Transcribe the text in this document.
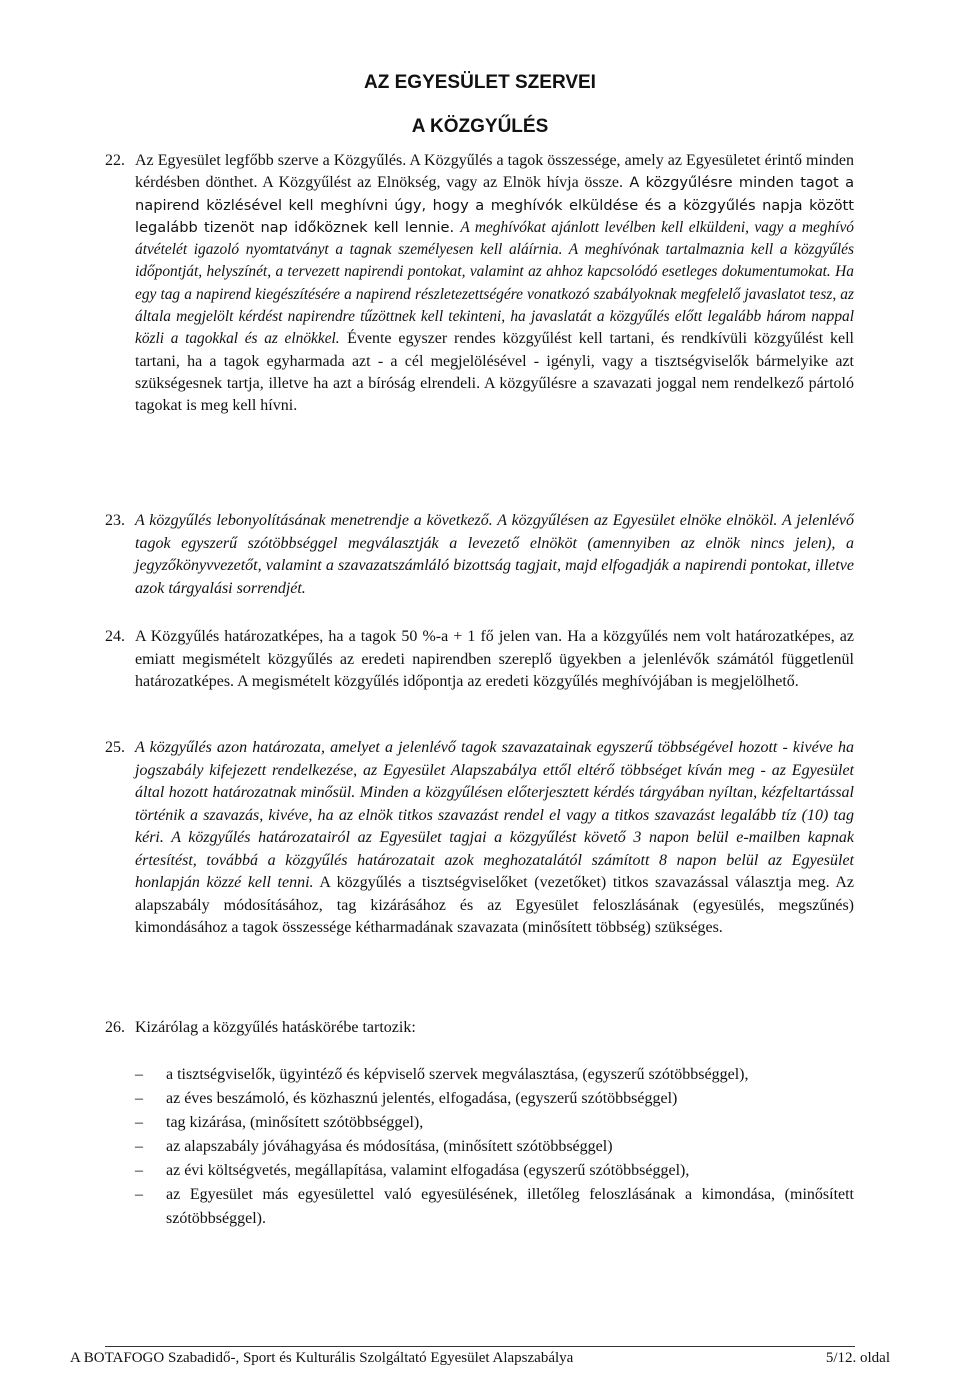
AZ EGYESÜLET SZERVEI
A KÖZGYŰLÉS
22. Az Egyesület legfőbb szerve a Közgyűlés. A Közgyűlés a tagok összessége, amely az Egyesületet érintő minden kérdésben dönthet. A Közgyűlést az Elnökség, vagy az Elnök hívja össze. A közgyűlésre minden tagot a napirend közlésével kell meghívni úgy, hogy a meghívók elküldése és a közgyűlés napja között legalább tizenöt nap időköznek kell lennie. A meghívókat ajánlott levélben kell elküldeni, vagy a meghívó átvételét igazoló nyomtatványt a tagnak személyesen kell aláírnia. A meghívónak tartalmaznia kell a közgyűlés időpontját, helyszínét, a tervezett napirendi pontokat, valamint az ahhoz kapcsolódó esetleges dokumentumokat. Ha egy tag a napirend kiegészítésére a napirend részletezettségére vonatkozó szabályoknak megfelelő javaslatot tesz, az általa megjelölt kérdést napirendre tűzöttnek kell tekinteni, ha javaslatát a közgyűlés előtt legalább három nappal közli a tagokkal és az elnökkel. Évente egyszer rendes közgyűlést kell tartani, és rendkívüli közgyűlést kell tartani, ha a tagok egyharmada azt - a cél megjelölésével - igényli, vagy a tisztségviselők bármelyike azt szükségesnek tartja, illetve ha azt a bíróság elrendeli. A közgyűlésre a szavazati joggal nem rendelkező pártoló tagokat is meg kell hívni.
23. A közgyűlés lebonyolításának menetrendje a következő. A közgyűlésen az Egyesület elnöke elnököl. A jelenlévő tagok egyszerű szótöbbséggel megválasztják a levezető elnököt (amennyiben az elnök nincs jelen), a jegyzőkönyvvezetőt, valamint a szavazatszámláló bizottság tagjait, majd elfogadják a napirendi pontokat, illetve azok tárgyalási sorrendjét.
24. A Közgyűlés határozatképes, ha a tagok 50 %-a + 1 fő jelen van. Ha a közgyűlés nem volt határozatképes, az emiatt megismételt közgyűlés az eredeti napirendben szereplő ügyekben a jelenlévők számától függetlenül határozatképes. A megismételt közgyűlés időpontja az eredeti közgyűlés meghívójában is megjelölhető.
25. A közgyűlés azon határozata, amelyet a jelenlévő tagok szavazatainak egyszerű többségével hozott - kivéve ha jogszabály kifejezett rendelkezése, az Egyesület Alapszabálya ettől eltérő többséget kíván meg - az Egyesület által hozott határozatnak minősül. Minden a közgyűlésen előterjesztett kérdés tárgyában nyíltan, kézfeltartással történik a szavazás, kivéve, ha az elnök titkos szavazást rendel el vagy a titkos szavazást legalább tíz (10) tag kéri. A közgyűlés határozatairól az Egyesület tagjai a közgyűlést követő 3 napon belül e-mailben kapnak értesítést, továbbá a közgyűlés határozatait azok meghozatalától számított 8 napon belül az Egyesület honlapján közzé kell tenni. A közgyűlés a tisztségviselőket (vezetőket) titkos szavazással választja meg. Az alapszabály módosításához, tag kizárásához és az Egyesület feloszlásának (egyesülés, megszűnés) kimondásához a tagok összessége kétharmadának szavazata (minősített többség) szükséges.
26. Kizárólag a közgyűlés hatáskörébe tartozik:
– a tisztségviselők, ügyintéző és képviselő szervek megválasztása, (egyszerű szótöbbséggel),
– az éves beszámoló, és közhasznú jelentés, elfogadása, (egyszerű szótöbbséggel)
– tag kizárása, (minősített szótöbbséggel),
– az alapszabály jóváhagyása és módosítása, (minősített szótöbbséggel)
– az évi költségvetés, megállapítása, valamint elfogadása (egyszerű szótöbbséggel),
– az Egyesület más egyesülettel való egyesülésének, illetőleg feloszlásának a kimondása, (minősített szótöbbséggel).
A BOTAFOGO Szabadidő-, Sport és Kulturális Szolgáltató Egyesület Alapszabálya	5/12. oldal
